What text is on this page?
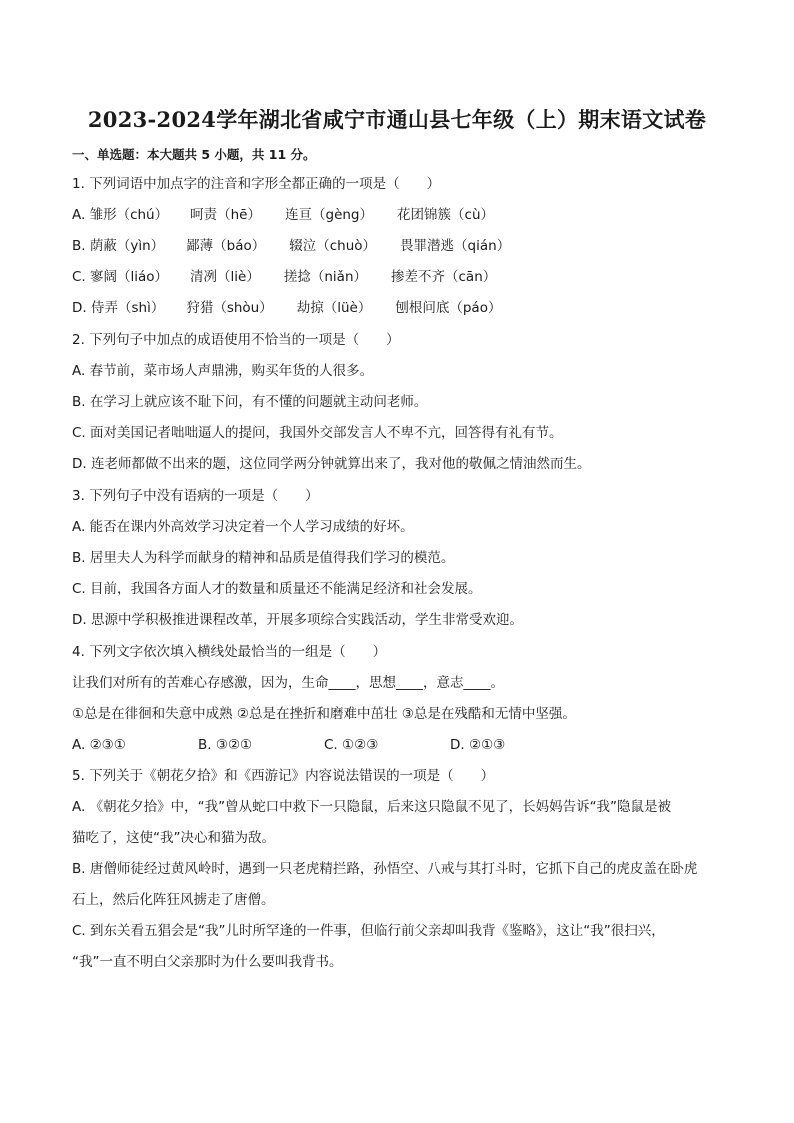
2023-2024学年湖北省咸宁市通山县七年级（上）期末语文试卷
一、单选题：本大题共 5 小题，共 11 分。
1. 下列词语中加点字的注音和字形全都正确的一项是（　　）
A. 雏形（chú） 呵责（hē） 连亘（gèng） 花团锦簇（cù）
B. 荫蔽（yìn） 鄙薄（báo） 辍泣（chuò） 畏罪潜逃（qián）
C. 寥阔（liáo） 清冽（liè） 搓捻（niǎn） 掺差不齐（cān）
D. 侍弄（shì） 狩猎（shòu） 劫掠（lüè） 刨根问底（páo）
2. 下列句子中加点的成语使用不恰当的一项是（　　）
A. 春节前，菜市场人声鼎沸，购买年货的人很多。
B. 在学习上就应该不耻下问，有不懂的问题就主动问老师。
C. 面对美国记者咄咄逼人的提问，我国外交部发言人不卑不亢，回答得有礼有节。
D. 连老师都做不出来的题，这位同学两分钟就算出来了，我对他的敬佩之情油然而生。
3. 下列句子中没有语病的一项是（　　）
A. 能否在课内外高效学习决定着一个人学习成绩的好坏。
B. 居里夫人为科学而献身的精神和品质是值得我们学习的模范。
C. 目前，我国各方面人才的数量和质量还不能满足经济和社会发展。
D. 思源中学积极推进课程改革，开展多项综合实践活动，学生非常受欢迎。
4. 下列文字依次填入横线处最恰当的一组是（　　）
让我们对所有的苦难心存感激，因为，生命____，思想____，意志____。
①总是在徘徊和失意中成熟 ②总是在挫折和磨难中茁壮 ③总是在残酷和无情中坚强。
A. ②③①	B. ③②①	C. ①②③	D. ②①③
5. 下列关于《朝花夕拾》和《西游记》内容说法错误的一项是（　　）
A. 《朝花夕拾》中，“我”曾从蛇口中救下一只隐鼠，后来这只隐鼠不见了，长妈妈告诉“我”隐鼠是被
猫吃了，这使“我”决心和猫为敌。
B. 唐僧师徒经过黄风岭时，遇到一只老虎精拦路，孙悟空、八戒与其打斗时，它抓下自己的虎皮盖在卧虎
石上，然后化阵狂风掳走了唐僧。
C. 到东关看五猖会是“我”儿时所罕逢的一件事，但临行前父亲却叫我背《鉴略》，这让“我”很扫兴，
“我”一直不明白父亲那时为什么要叫我背书。
